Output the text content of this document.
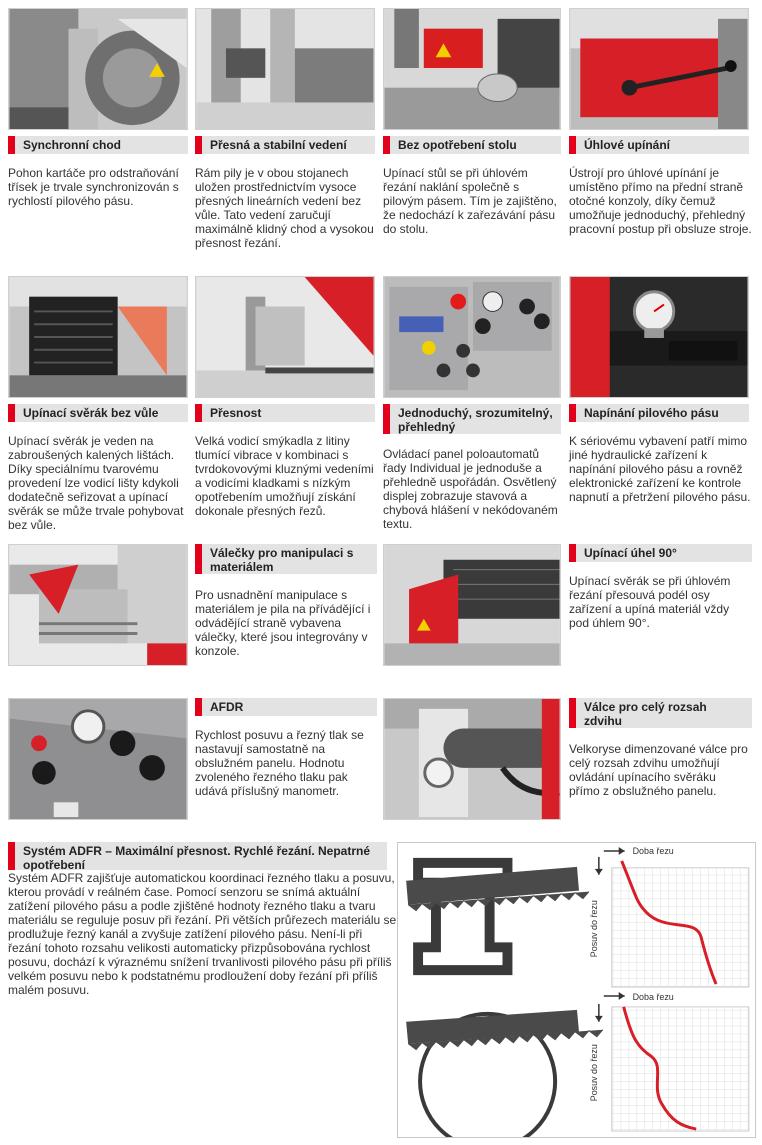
Synchronní chod	Přesná a stabilní vedení	Bez opotřebení stolu	Úhlové upínání
Pohon kartáče pro odstraňování třísek je trvale synchronizován s rychlostí pilového pásu.
Rám pily je v obou stojanech uložen prostřednictvím vysoce přesných lineárních vedení bez vůle. Tato vedení zaručují maximálně klidný chod a vysokou přesnost řezání.
Upínací stůl se při úhlovém řezání naklání společně s pilovým pásem. Tím je zajištěno, že nedochází k zařezávání pásu do stolu.
Ústrojí pro úhlové upínání je umístěno přímo na přední straně otočné konzoly, díky čemuž umožňuje jednoduchý, přehledný pracovní postup při obsluze stroje.
Upínací svěrák bez vůle	Přesnost	Jednoduchý, srozumitelný, přehledný
Napínání pilového pásu
Upínací svěrák je veden na zabroušených kalených lištách. Díky speciálnímu tvarovému provedení lze vodicí lišty kdykoli dodatečně seřizovat a upínací svěrák se může trvale pohybovat bez vůle.
Velká vodicí smýkadla z litiny tlumící vibrace v kombinaci s tvrdokovovými kluznými vedeními a vodicími kladkami s nízkým opotřebením umožňují získání dokonale přesných řezů.
Ovládací panel poloautomatů řady Individual je jednoduše a přehledně uspořádán. Osvětlený displej zobrazuje stavová a chybová hlášení v nekódovaném textu.
K sériovému vybavení patří mimo jiné hydraulické zařízení k napínání pilového pásu a rovněž elektronické zařízení ke kontrole napnutí a přetržení pilového pásu.
Válečky pro manipulaci s materiálem
Pro usnadnění manipulace s materiálem je pila na přívádějící i odvádějící straně vybavena válečky, které jsou integrovány v konzole.
Upínací úhel 90°
Upínací svěrák se při úhlovém řezání přesouvá podél osy zařízení a upíná materiál vždy pod úhlem 90°.
AFDR
Rychlost posuvu a řezný tlak se nastavují samostatně na obslužném panelu. Hodnotu zvoleného řezného tlaku pak udává příslušný manometr.
Válce pro celý rozsah zdvihu
Velkoryse dimenzované válce pro celý rozsah zdvihu umožňují ovládání upínacího svěráku přímo z obslužného panelu.
Systém ADFR – Maximální přesnost. Rychlé řezání. Nepatrné opotřebení
Systém ADFR zajišťuje automatickou koordinaci řezného tlaku a posuvu, kterou provádí v reálném čase. Pomocí senzoru se snímá aktuální zatížení pilového pásu a podle zjištěné hodnoty řezného tlaku a tvaru materiálu se reguluje posuv při řezání. Při větších průřezech materiálu se prodlužuje řezný kanál a zvyšuje zatížení pilového pásu. Není-li při řezání tohoto rozsahu velikosti automaticky přizpůsobována rychlost posuvu, dochází k výraznému snížení trvanlivosti pilového pásu při příliš velkém posuvu nebo k podstatnému prodloužení doby řezání při příliš malém posuvu.
Doba řezu
Posuv do řezu
Doba řezu
Posuv do řezu
